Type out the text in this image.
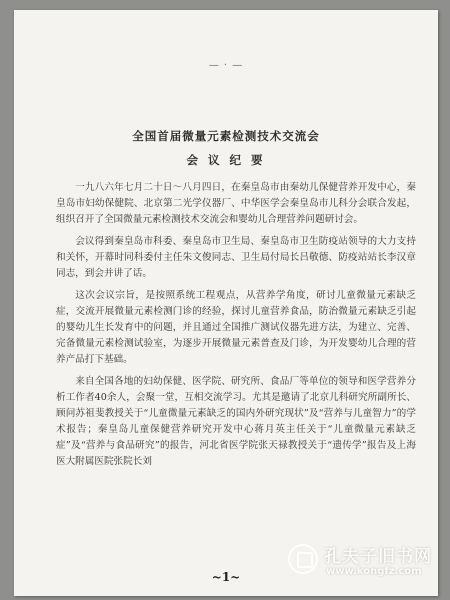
— · —
全国首届微量元素检测技术交流会
会 议 纪 要

一九八六年七月二十日～八月四日，在秦皇岛市由秦幼儿保健营养开发中心，秦皇岛市妇幼保健院、北京第二光学仪器厂、中华医学会秦皇岛市儿科分会联合发起，组织召开了全国微量元素检测技术交流会和婴幼儿合理营养问题研讨会。

会议得到秦皇岛市科委、秦皇岛市卫生局、秦皇岛市卫生防疫站领导的大力支持和关怀，开幕时同科委付主任朱文俊同志、卫生局付局长吕敬德、防疫站站长李汉章同志，到会并讲了话。

这次会议宗旨，是按照系统工程观点，从营养学角度，研讨儿童微量元素缺乏症，交流开展微量元素检测门诊的经验，探讨儿童营养食品，防治微量元素缺乏引起的婴幼儿生长发育中的问题，并且通过全国推广测试仪器先进方法，为建立、完善、完备微量元素检测试验室，为逐步开展微量元素普查及门诊，为开发婴幼儿合理的营养产品打下基础。

来自全国各地的妇幼保健、医学院、研究所、食品厂等单位的领导和医学营养分析工作者40余人，会聚一堂，互相交流学习。尤其是邀请了北京儿科研究所副所长、顾问苏祖斐教授关于“儿童微量元素缺乏的国内外研究现状”及“营养与儿童智力”的学术报告；秦皇岛儿童保健营养研究开发中心蒋月英主任关于“儿童微量元素缺乏症”及“营养与食品研究”的报告，河北省医学院张天禄教授关于“遗传学”报告及上海医大附属医院张院长刘

~1~
孔夫子旧书网
www.kongfz.com
